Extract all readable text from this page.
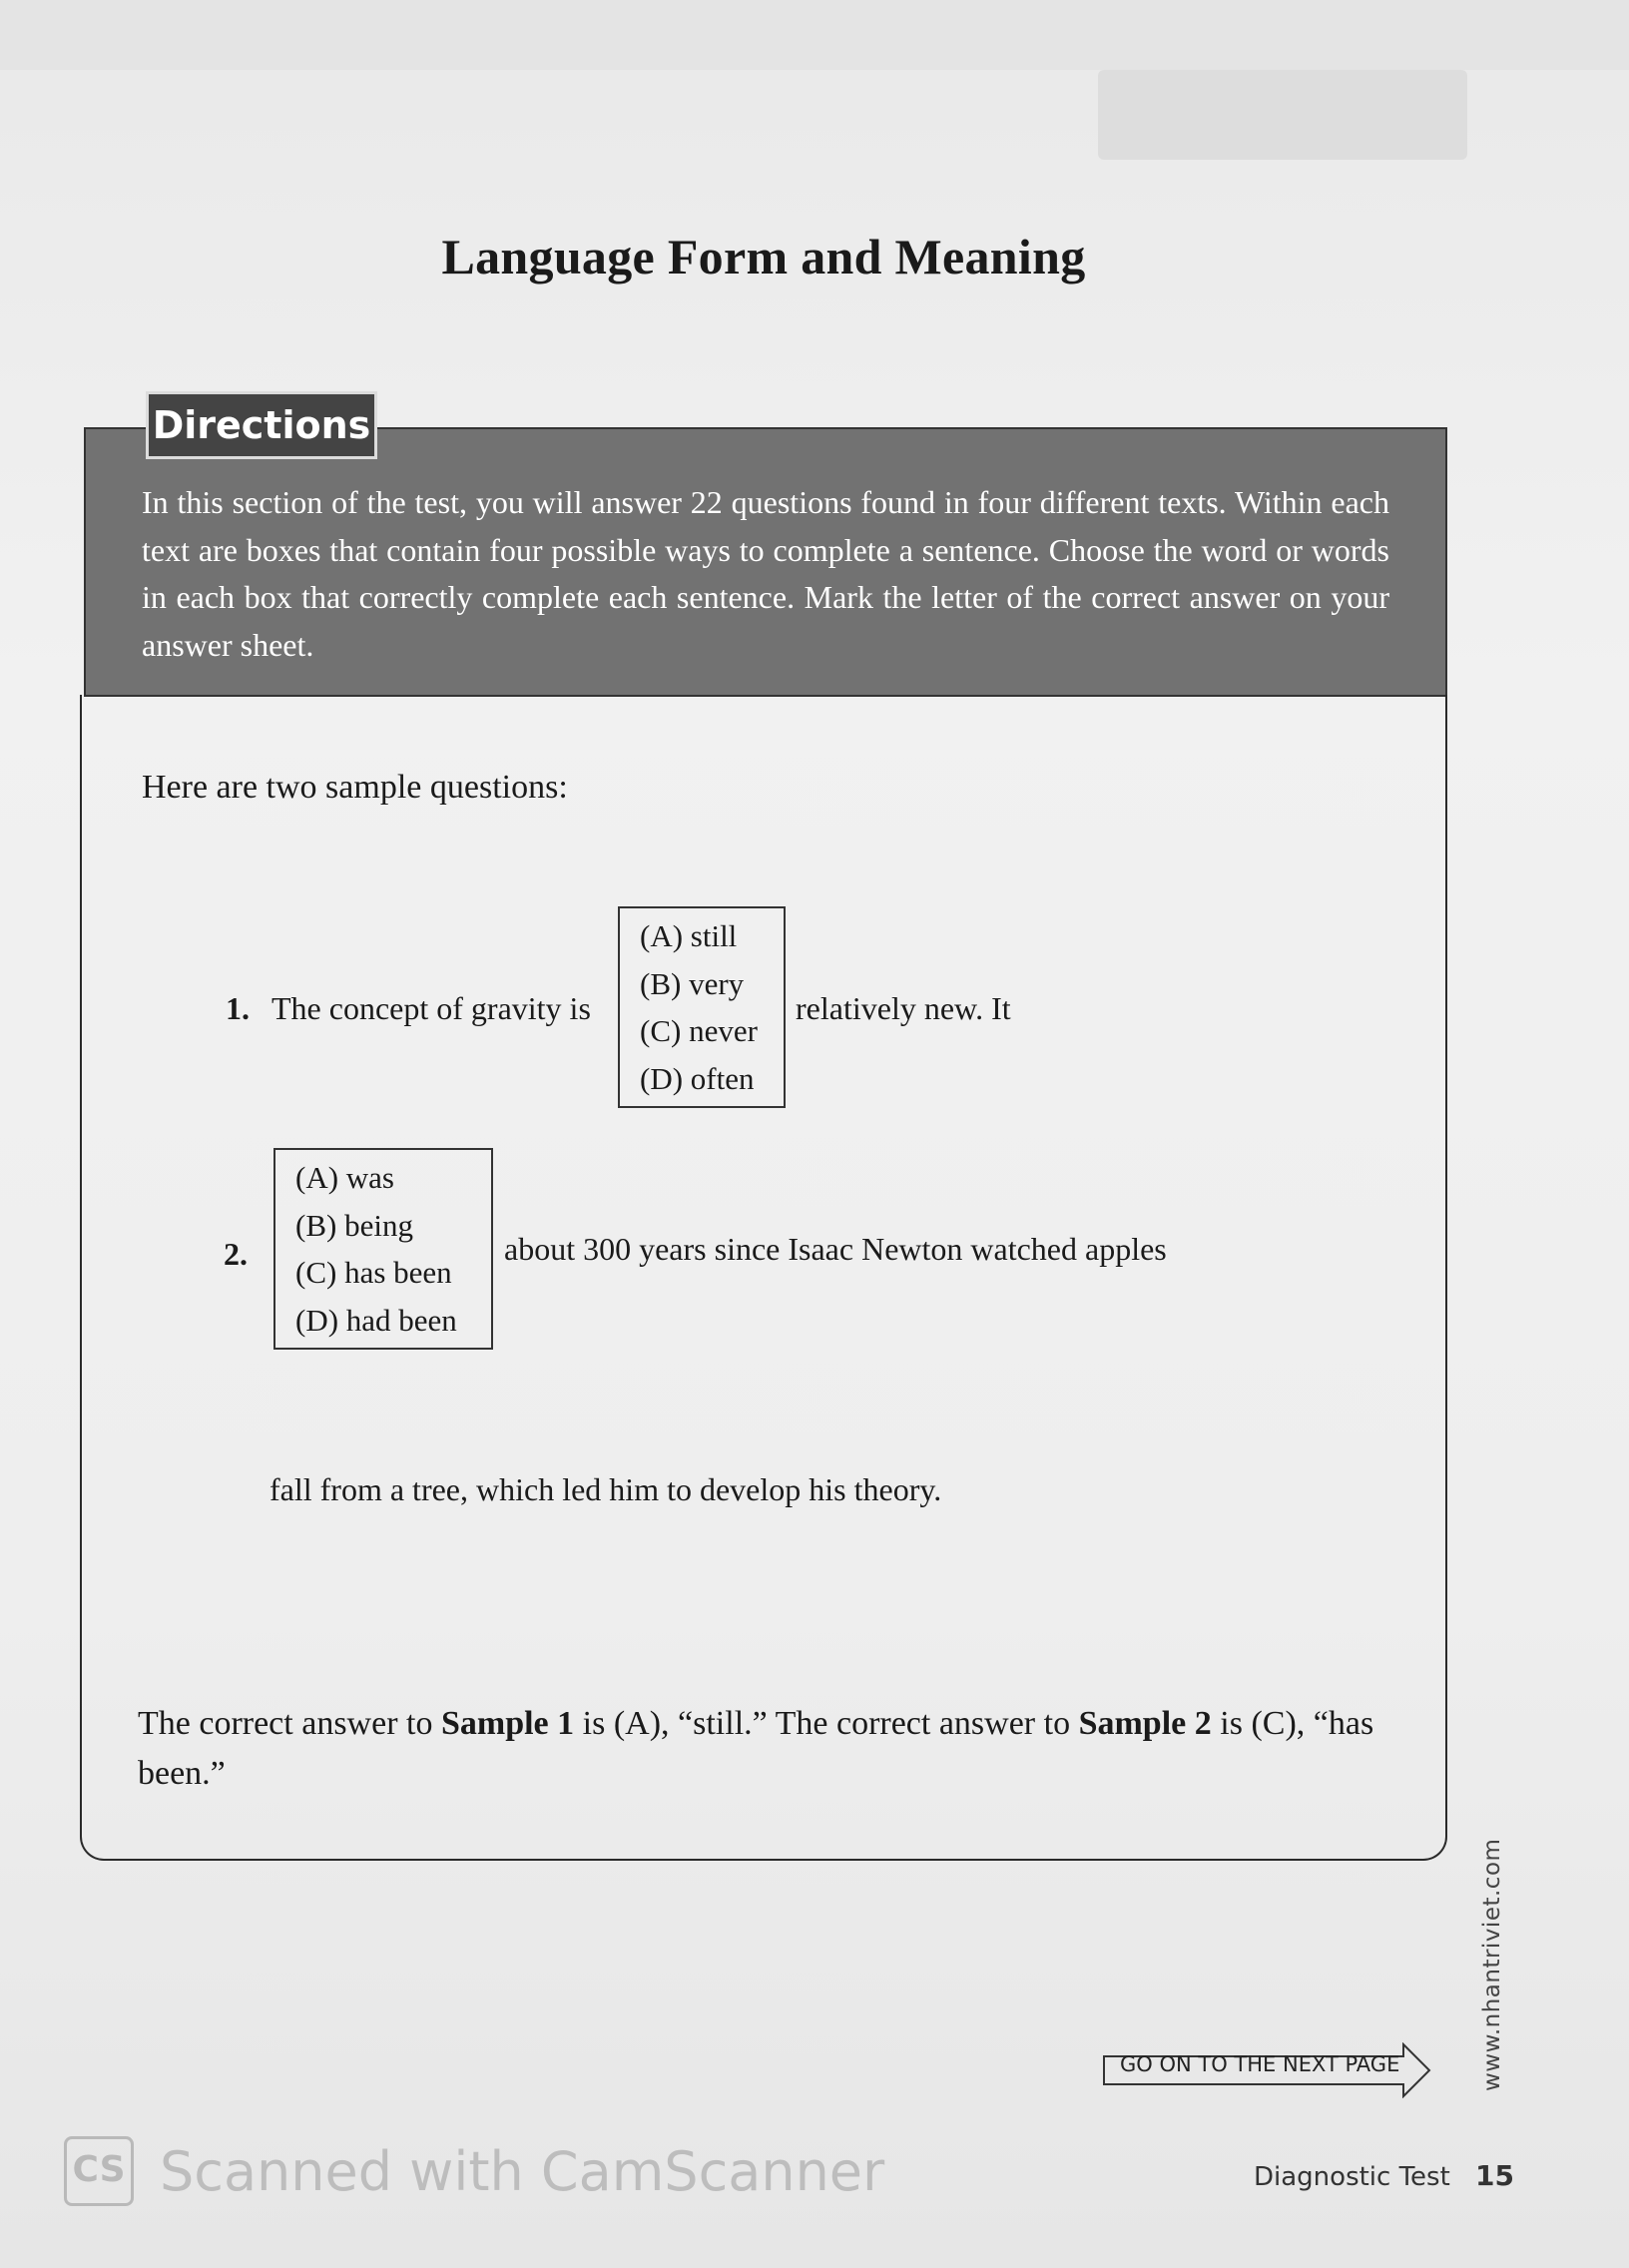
Language Form and Meaning
Directions
In this section of the test, you will answer 22 questions found in four different texts. Within each text are boxes that contain four possible ways to complete a sentence. Choose the word or words in each box that correctly complete each sentence. Mark the letter of the correct answer on your answer sheet.
Here are two sample questions:
1. The concept of gravity is
(A) still
(B) very
(C) never
(D) often
relatively new. It
2.
(A) was
(B) being
(C) has been
(D) had been
about 300 years since Isaac Newton watched apples
fall from a tree, which led him to develop his theory.
The correct answer to Sample 1 is (A), “still.” The correct answer to Sample 2 is (C), “has been.”
GO ON TO THE NEXT PAGE	www.nhantriviet.com
Diagnostic Test 15
CS Scanned with CamScanner
